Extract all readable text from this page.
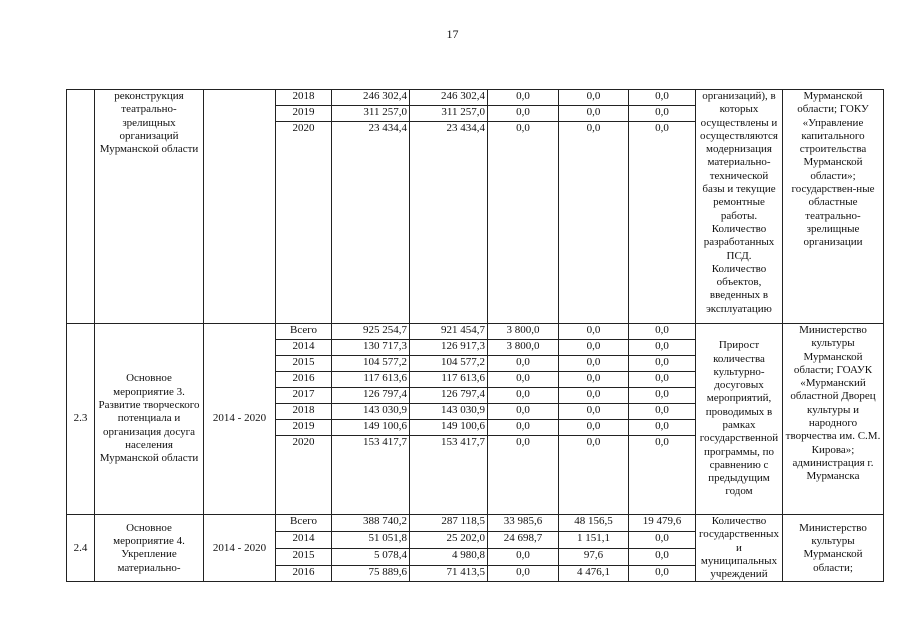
17
	реконструкция театрально-зрелищных организаций Мурманской области		2018	246 302,4	246 302,4	0,0	0,0	0,0	организаций), в которых осуществлены и осуществляются модернизация материально-технической базы и текущие ремонтные работы. Количество разработанных ПСД. Количество объектов, введенных в эксплуатацию	Мурманской области; ГОКУ «Управление капитального строительства Мурманской области»; государствен-ные областные театрально-зрелищные организации
			2019	311 257,0	311 257,0	0,0	0,0	0,0		
			2020	23 434,4	23 434,4	0,0	0,0	0,0		

2.3	Основное мероприятие 3. Развитие творческого потенциала и организация досуга населения Мурманской области	2014 - 2020	Всего	925 254,7	921 454,7	3 800,0	0,0	0,0	Прирост количества культурно-досуговых мероприятий, проводимых в рамках государственной программы, по сравнению с предыдущим годом	Министерство культуры Мурманской области; ГОАУК «Мурманский областной Дворец культуры и народного творчества им. С.М. Кирова»; администрация г. Мурманска
			2014	130 717,3	126 917,3	3 800,0	0,0	0,0		
			2015	104 577,2	104 577,2	0,0	0,0	0,0		
			2016	117 613,6	117 613,6	0,0	0,0	0,0		
			2017	126 797,4	126 797,4	0,0	0,0	0,0		
			2018	143 030,9	143 030,9	0,0	0,0	0,0		
			2019	149 100,6	149 100,6	0,0	0,0	0,0		
			2020	153 417,7	153 417,7	0,0	0,0	0,0		

2.4	Основное мероприятие 4. Укрепление материально-	2014 - 2020	Всего	388 740,2	287 118,5	33 985,6	48 156,5	19 479,6	Количество государственных и муниципальных учреждений	Министерство культуры Мурманской области;
			2014	51 051,8	25 202,0	24 698,7	1 151,1	0,0		
			2015	5 078,4	4 980,8	0,0	97,6	0,0		
			2016	75 889,6	71 413,5	0,0	4 476,1	0,0		
